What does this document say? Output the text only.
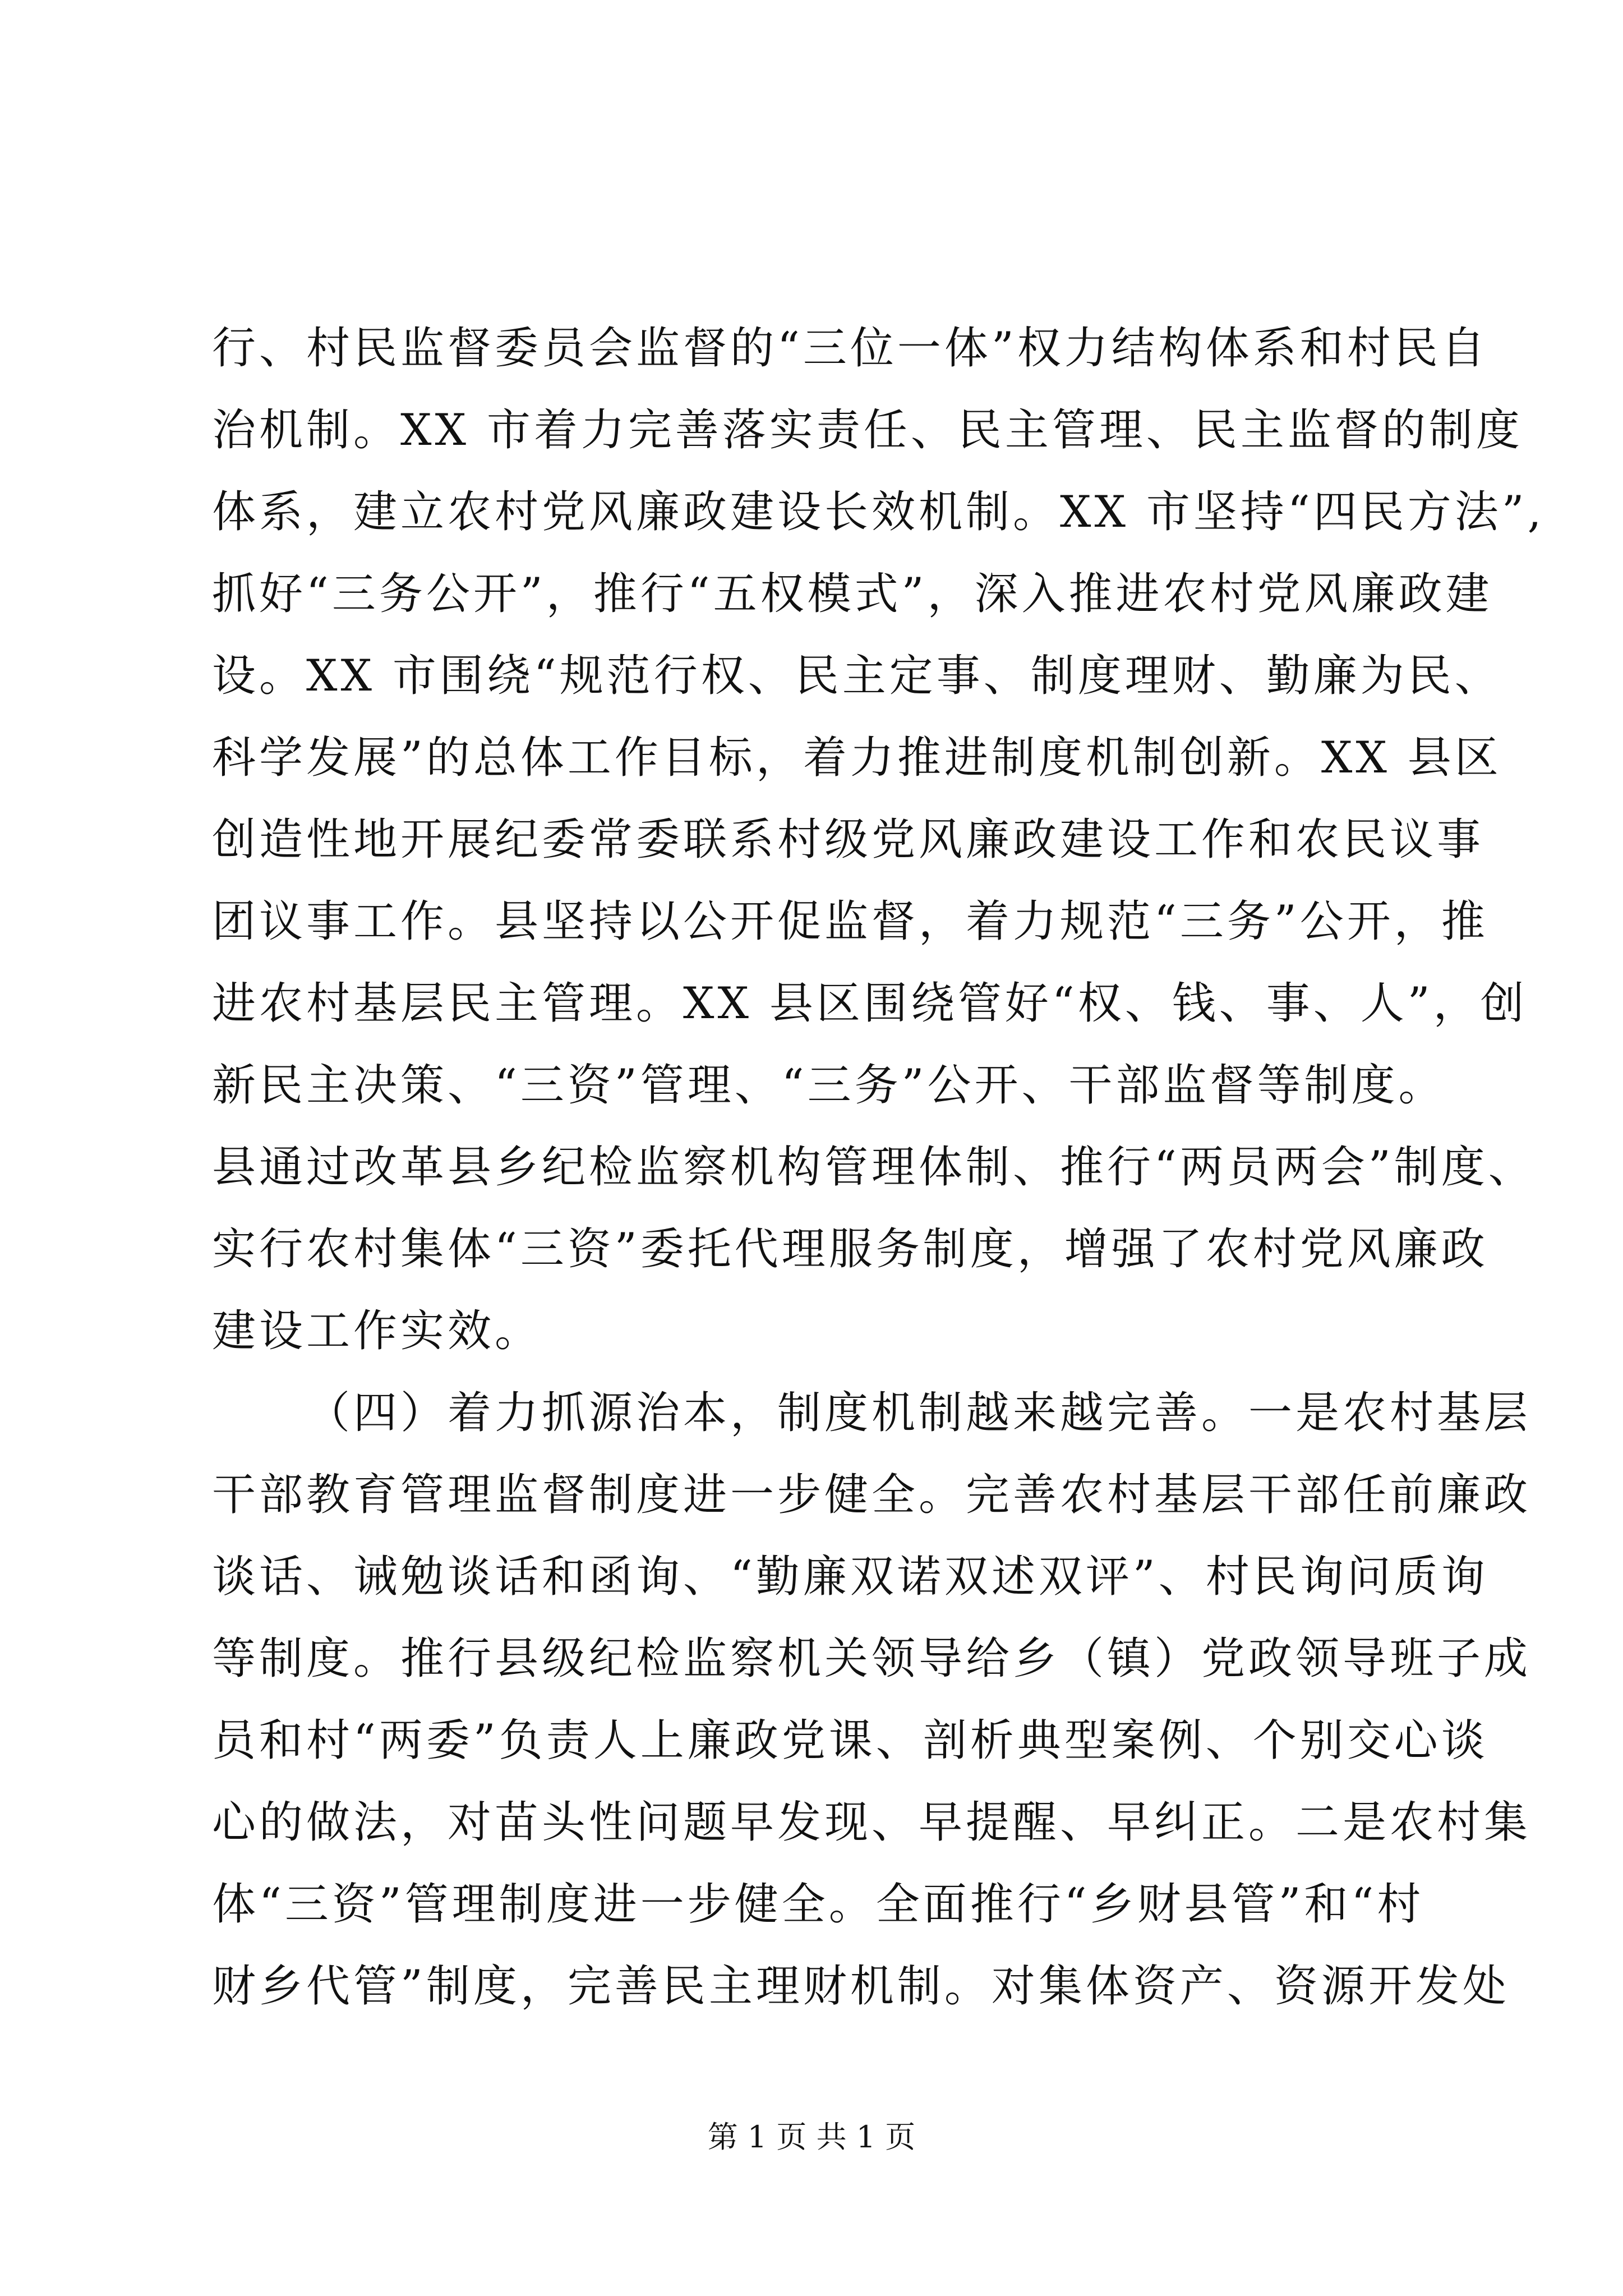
行、村民监督委员会监督的“三位一体”权力结构体系和村民自
治机制。XX 市着力完善落实责任、民主管理、民主监督的制度
体系，建立农村党风廉政建设长效机制。XX 市坚持“四民方法”,
抓好“三务公开”，推行“五权模式”，深入推进农村党风廉政建
设。XX 市围绕“规范行权、民主定事、制度理财、勤廉为民、
科学发展”的总体工作目标，着力推进制度机制创新。XX 县区
创造性地开展纪委常委联系村级党风廉政建设工作和农民议事
团议事工作。县坚持以公开促监督，着力规范“三务”公开，推
进农村基层民主管理。XX 县区围绕管好“权、钱、事、人”，创
新民主决策、“三资”管理、“三务”公开、干部监督等制度。
县通过改革县乡纪检监察机构管理体制、推行“两员两会”制度、
实行农村集体“三资”委托代理服务制度，增强了农村党风廉政
建设工作实效。
（四）着力抓源治本，制度机制越来越完善。一是农村基层
干部教育管理监督制度进一步健全。完善农村基层干部任前廉政
谈话、诫勉谈话和函询、“勤廉双诺双述双评”、村民询问质询
等制度。推行县级纪检监察机关领导给乡（镇）党政领导班子成
员和村“两委”负责人上廉政党课、剖析典型案例、个别交心谈
心的做法，对苗头性问题早发现、早提醒、早纠正。二是农村集
体“三资”管理制度进一步健全。全面推行“乡财县管”和“村
财乡代管”制度，完善民主理财机制。对集体资产、资源开发处
第 1 页 共 1 页
